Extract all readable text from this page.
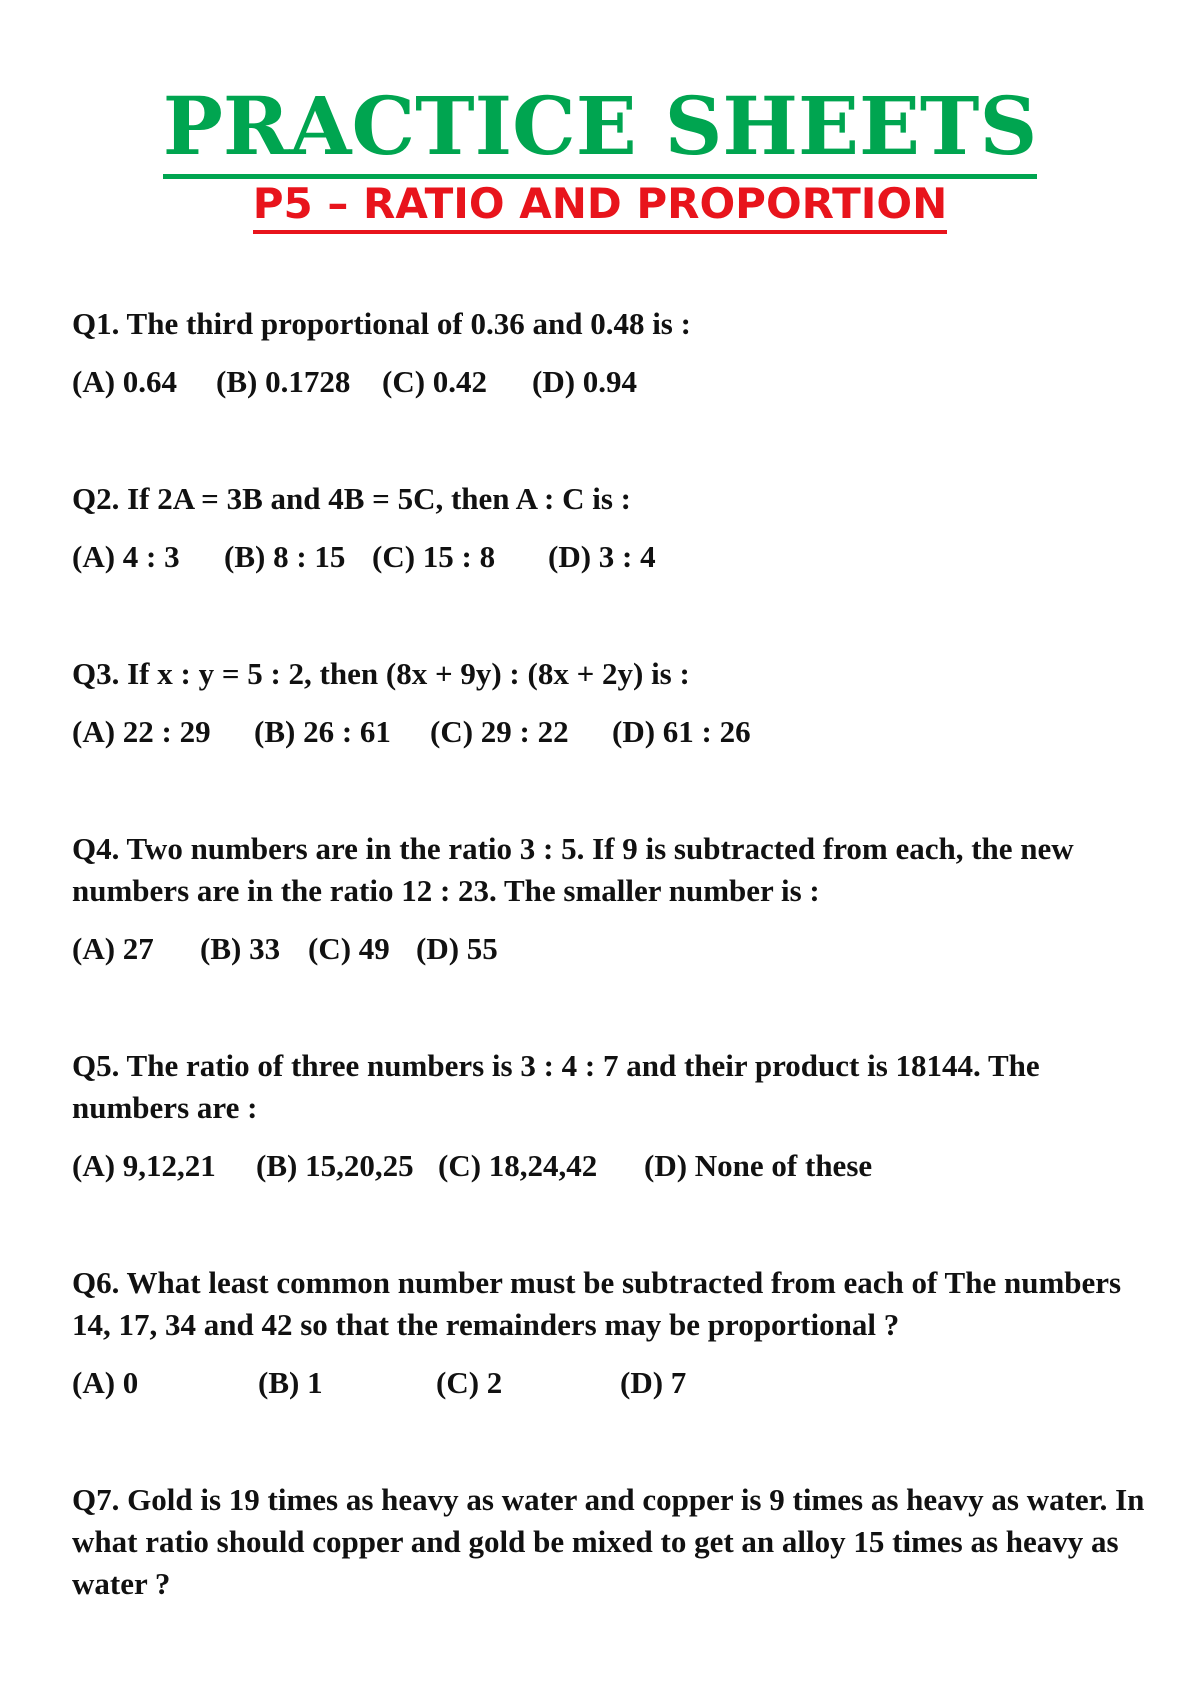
PRACTICE SHEETS
P5 – RATIO AND PROPORTION

Q1. The third proportional of 0.36 and 0.48 is :

(A) 0.64 (B) 0.1728 (C) 0.42 (D) 0.94

Q2. If 2A = 3B and 4B = 5C, then A : C is :

(A) 4 : 3 (B) 8 : 15 (C) 15 : 8 (D) 3 : 4

Q3. If x : y = 5 : 2, then (8x + 9y) : (8x + 2y) is :

(A) 22 : 29 (B) 26 : 61 (C) 29 : 22 (D) 61 : 26

Q4. Two numbers are in the ratio 3 : 5. If 9 is subtracted from each, the new numbers are in the ratio 12 : 23. The smaller number is :

(A) 27 (B) 33 (C) 49 (D) 55

Q5. The ratio of three numbers is 3 : 4 : 7 and their product is 18144. The numbers are :

(A) 9,12,21 (B) 15,20,25 (C) 18,24,42 (D) None of these

Q6. What least common number must be subtracted from each of The numbers 14, 17, 34 and 42 so that the remainders may be proportional ?

(A) 0	(B) 1	(C) 2	(D) 7

Q7. Gold is 19 times as heavy as water and copper is 9 times as heavy as water. In what ratio should copper and gold be mixed to get an alloy 15 times as heavy as water ?
